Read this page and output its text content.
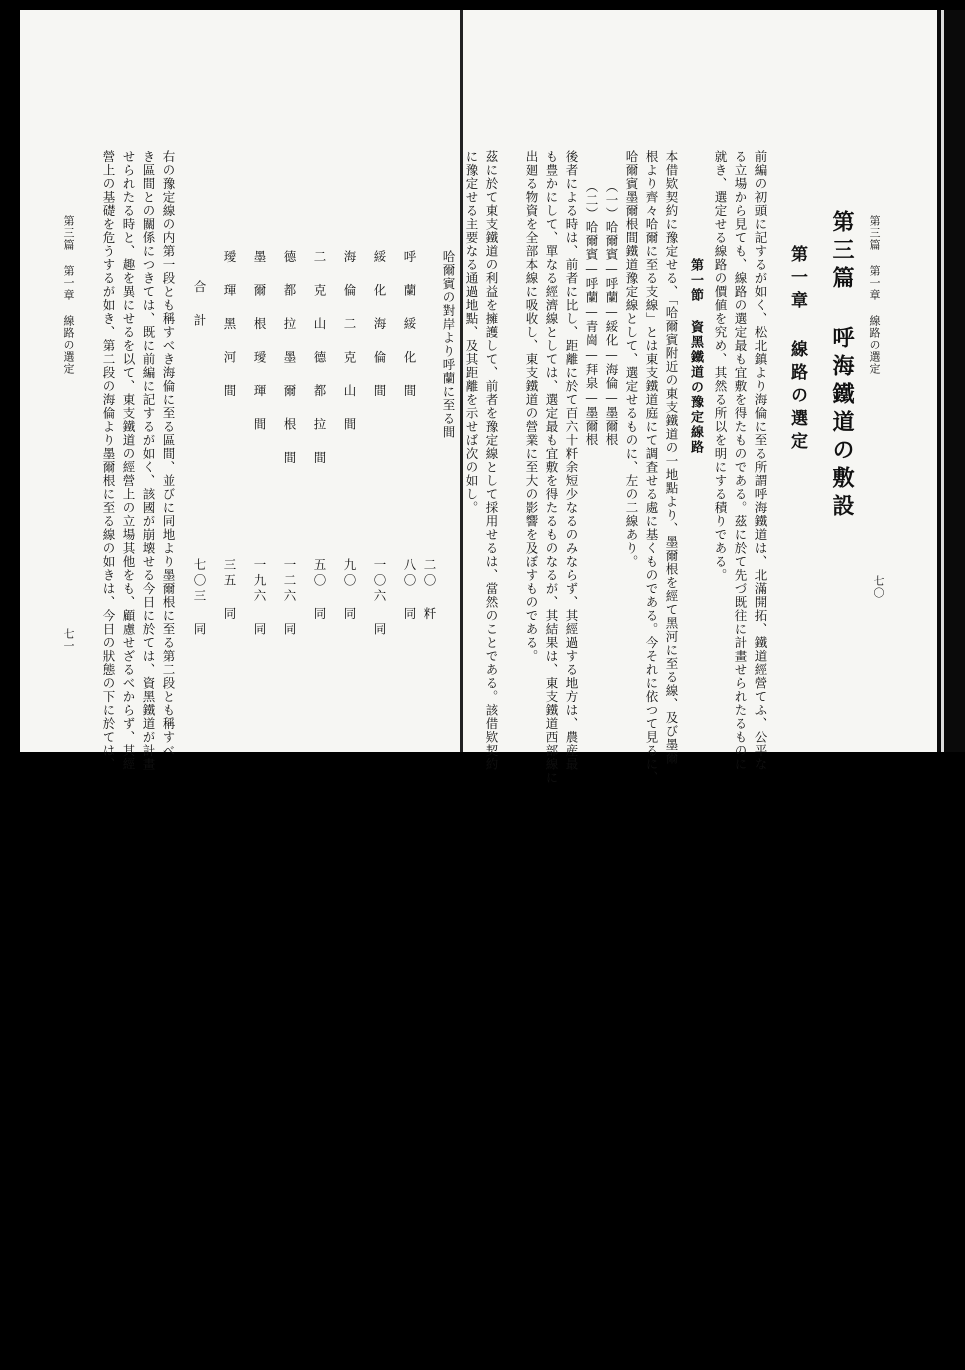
七〇
第三篇 第一章 線路の選定
第三篇 呼海鐵道の敷設
第一章 線路の選定
前編の初頭に記するが如く、松北鎮より海倫に至る所謂呼海鐵道は、北滿開拓、鐵道經營てふ、公平な
る立場から見ても、線路の選定最も宜敷を得たものである。茲に於て先づ既往に計畫せられたるものに
就き、選定せる線路の價値を究め、其然る所以を明にする積りである。
第一節 資黑鐵道の豫定線路
本借欵契約に豫定せる、「哈爾賓附近の東支鐵道の一地點より、墨爾根を經て黑河に至る線、及び墨爾
根より齊々哈爾に至る支線」とは東支鐵道庭にて調査せる處に基くものである。今それに依つて見るに、
哈爾賓墨爾根間鐵道豫定線として、選定せるものに、左の二線あり。
（一）哈爾賓—呼蘭—綏化—海倫—墨爾根
（二）哈爾賓—呼蘭—青崗—拜泉—墨爾根
後者による時は、前者に比し、距離に於て百六十粁余短少なるのみならず、其經過する地方は、農産最
も豊かにして、單なる經濟線としては、選定最も宜敷を得たるものなるが、其結果は、東支鐵道西部線に
出廻る物資を全部本線に吸收し、東支鐵道の營業に至大の影響を及ぼすものである。
茲に於て東支鐵道の利益を擁護して、前者を豫定線として採用せるは、當然のことである。該借欵契約
に豫定せる主要なる通過地點、及其距離を示せば次の如し。
第三篇 第一章 線路の選定
七一
哈爾賓の對岸より呼蘭に至る間
二〇 粁
呼 蘭 綏 化 間
八〇 同
綏 化 海 倫 間
一〇六 同
海 倫 二 克 山 間
九〇 同
二 克 山 德 都 拉 間
五〇 同
德 都 拉 墨 爾 根 間
一二六 同
墨 爾 根 璦 琿 間
一九六 同
璦 琿 黑 河 間
三五 同
合 計
七〇三 同
右の豫定線の内第一段とも稱すべき海倫に至る區間、並びに同地より墨爾根に至る第二段とも稱すべ
き區間との關係につきては、既に前編に記するが如く、該國が崩壊せる今日に於ては、資黑鐵道が計畫
せられたる時と、趣を異にせるを以て、東支鐵道の經營上の立場其他をも、顧慮せざるべからず、其經
營上の基礎を危うするが如き、第二段の海倫より墨爾根に至る線の如きは、今日の狀態の下に於ては、
